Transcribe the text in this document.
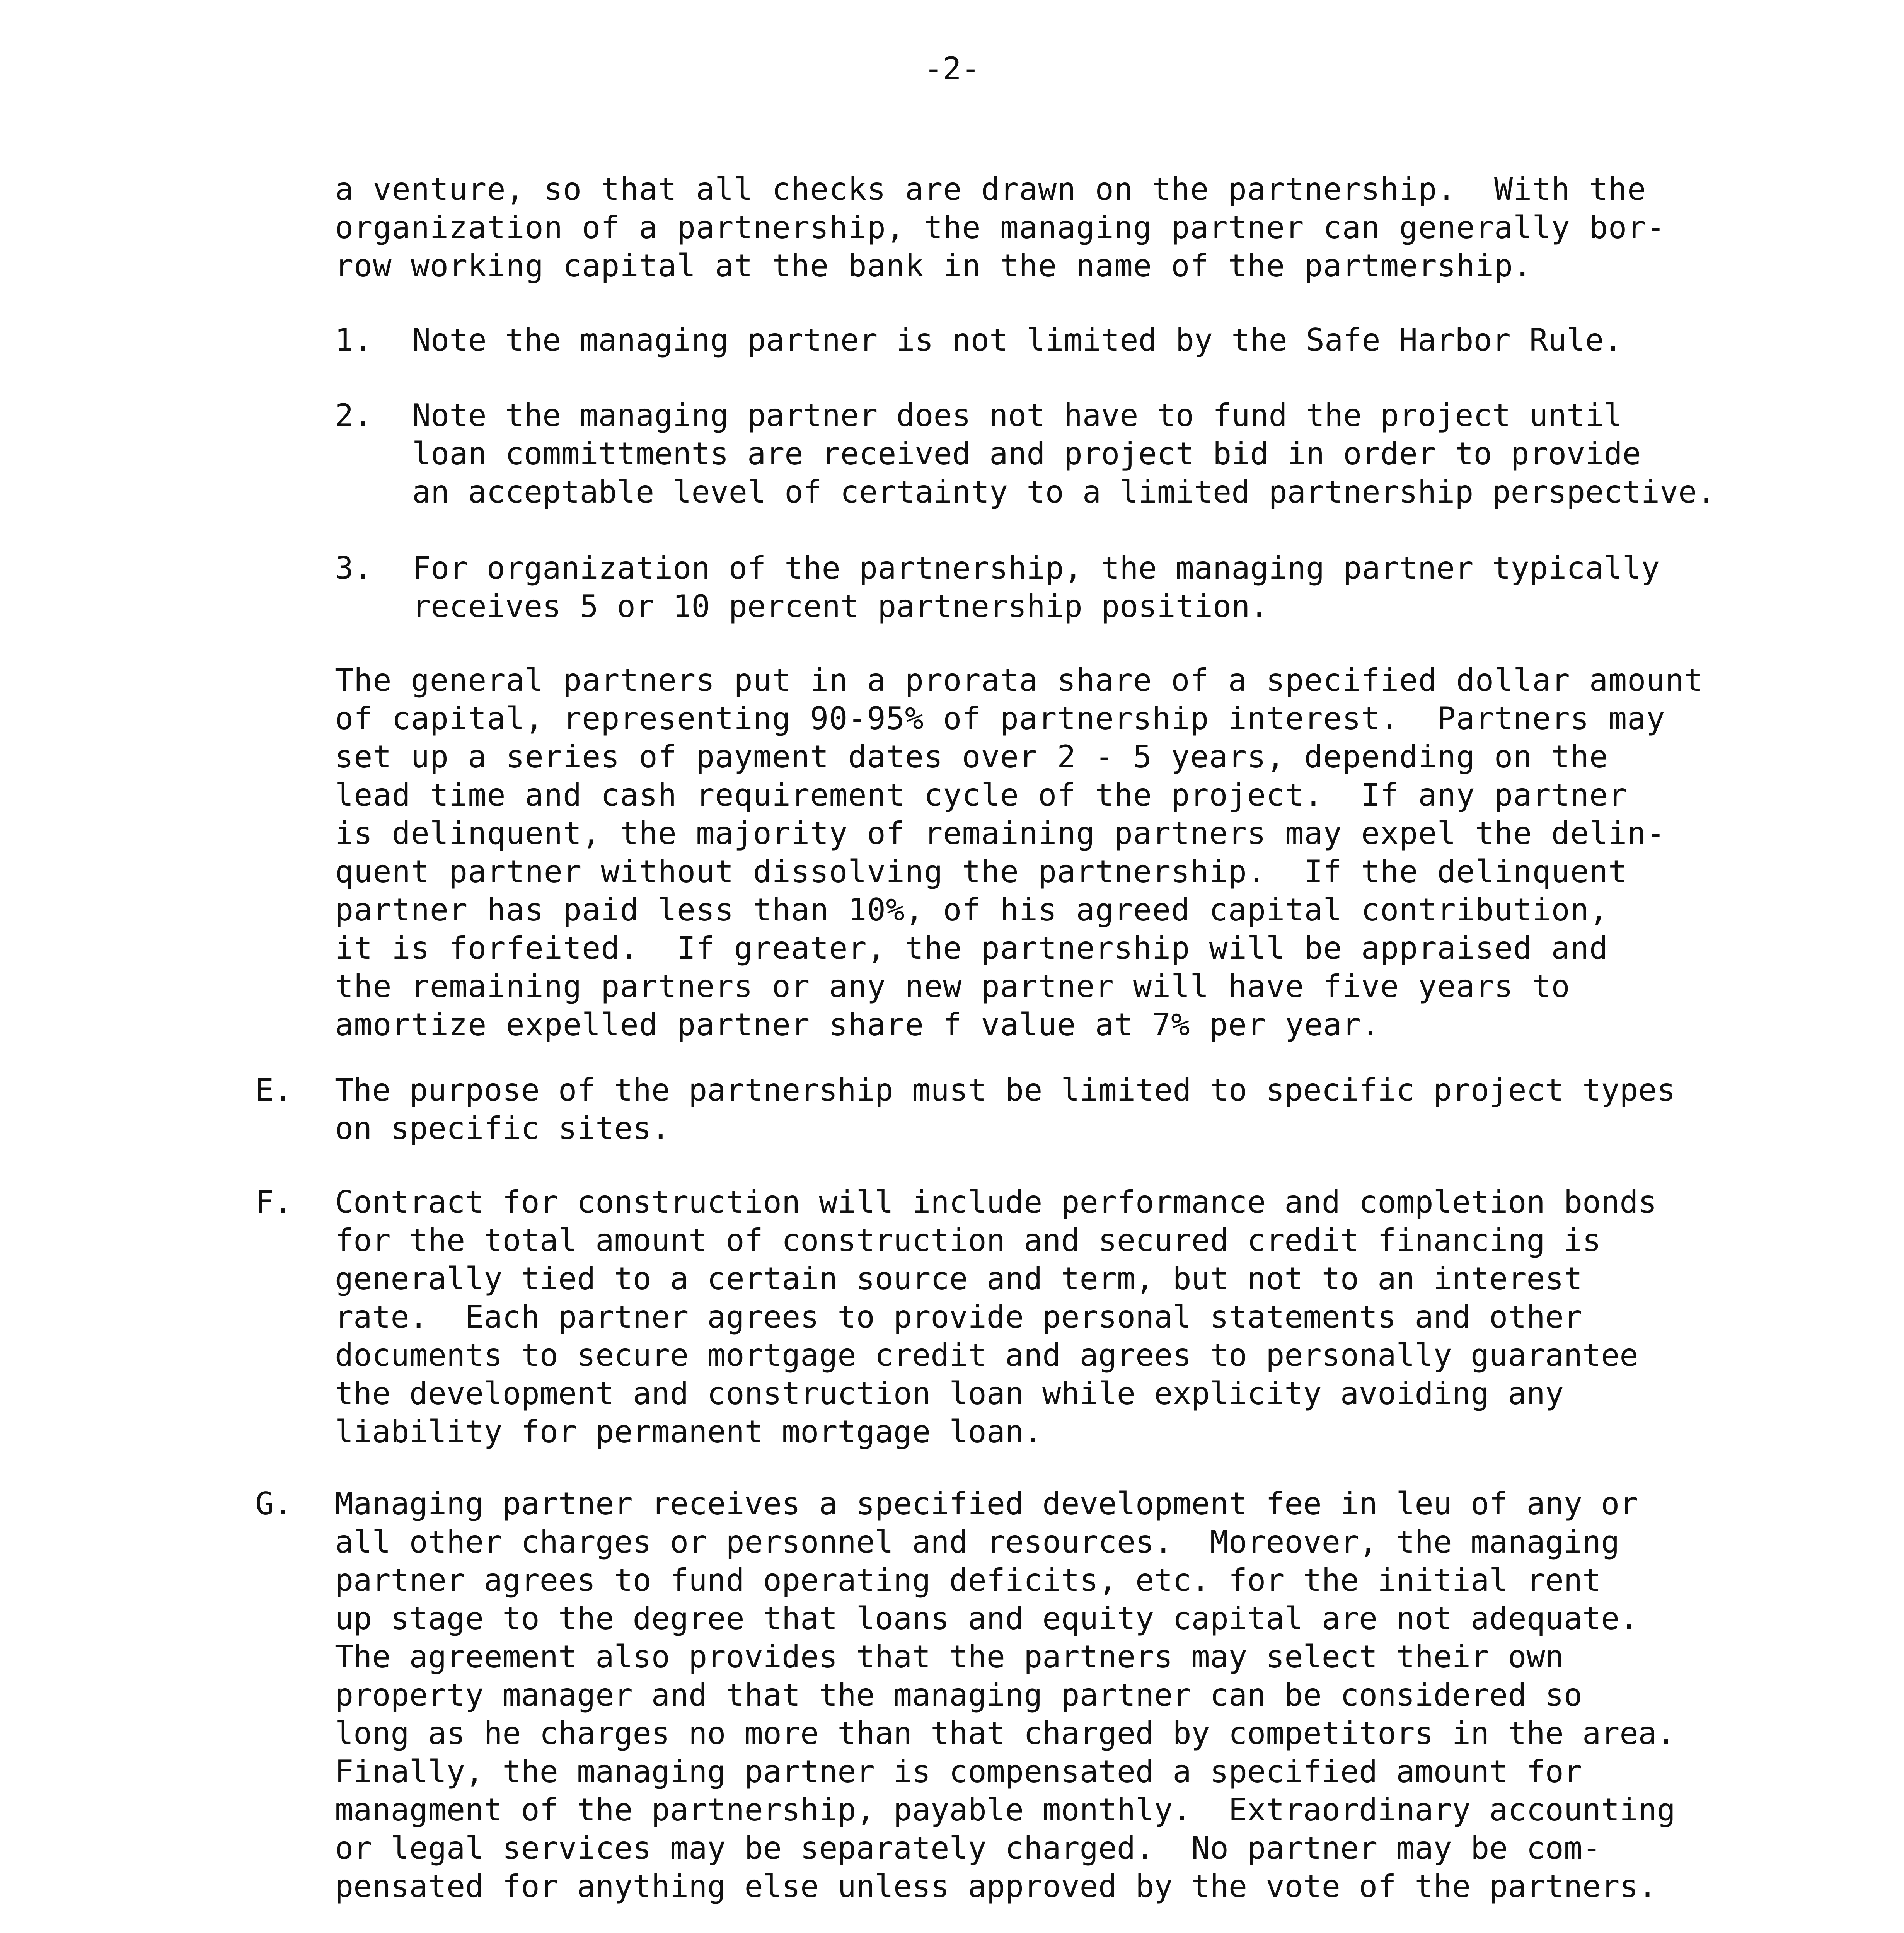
-2-
a venture, so that all checks are drawn on the partnership.  With the
organization of a partnership, the managing partner can generally bor-
row working capital at the bank in the name of the partmership.
1.	Note the managing partner is not limited by the Safe Harbor Rule.
2.	Note the managing partner does not have to fund the project until
loan committments are received and project bid in order to provide
an acceptable level of certainty to a limited partnership perspective.
3.	For organization of the partnership, the managing partner typically
receives 5 or 10 percent partnership position.
The general partners put in a prorata share of a specified dollar amount
of capital, representing 90-95% of partnership interest.  Partners may
set up a series of payment dates over 2 - 5 years, depending on the
lead time and cash requirement cycle of the project.  If any partner
is delinquent, the majority of remaining partners may expel the delin-
quent partner without dissolving the partnership.  If the delinquent
partner has paid less than 10%, of his agreed capital contribution,
it is forfeited.  If greater, the partnership will be appraised and
the remaining partners or any new partner will have five years to
amortize expelled partner share f value at 7% per year.
E.	The purpose of the partnership must be limited to specific project types
on specific sites.
F.	Contract for construction will include performance and completion bonds
for the total amount of construction and secured credit financing is
generally tied to a certain source and term, but not to an interest
rate.  Each partner agrees to provide personal statements and other
documents to secure mortgage credit and agrees to personally guarantee
the development and construction loan while explicity avoiding any
liability for permanent mortgage loan.
G.	Managing partner receives a specified development fee in leu of any or
all other charges or personnel and resources.  Moreover, the managing
partner agrees to fund operating deficits, etc. for the initial rent
up stage to the degree that loans and equity capital are not adequate.
The agreement also provides that the partners may select their own
property manager and that the managing partner can be considered so
long as he charges no more than that charged by competitors in the area.
Finally, the managing partner is compensated a specified amount for
managment of the partnership, payable monthly.  Extraordinary accounting
or legal services may be separately charged.  No partner may be com-
pensated for anything else unless approved by the vote of the partners.
